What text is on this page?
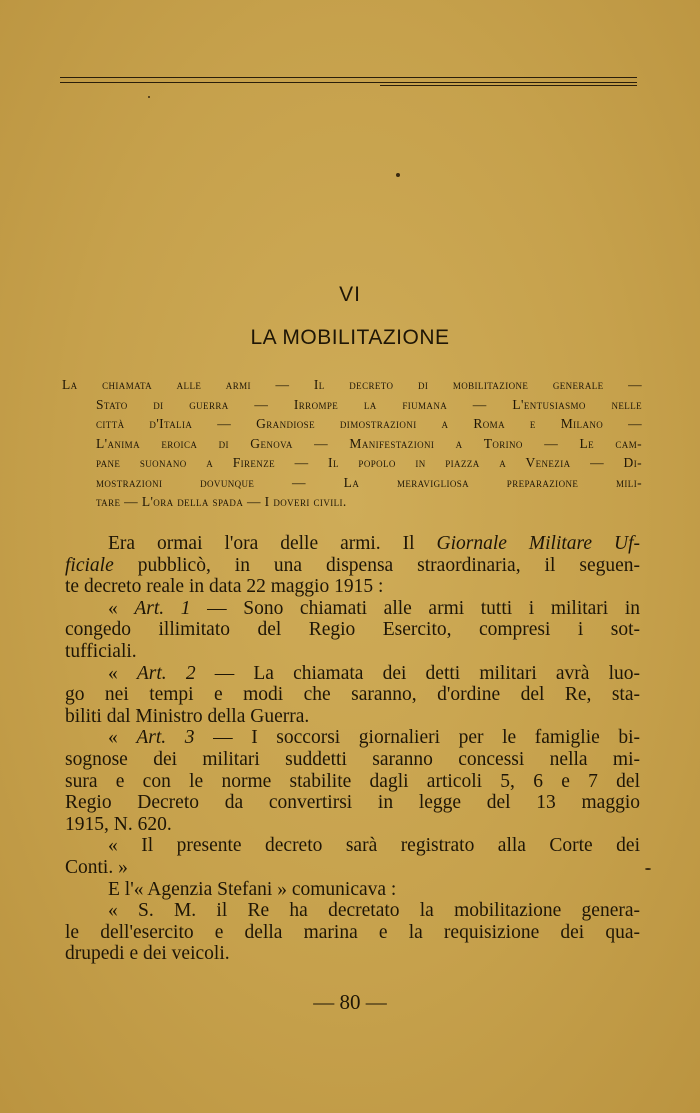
VI
LA MOBILITAZIONE
La chiamata alle armi — Il decreto di mobilitazione generale —
Stato di guerra — Irrompe la fiumana — L'entusiasmo nelle
città d'Italia — Grandiose dimostrazioni a Roma e Milano —
L'anima eroica di Genova — Manifestazioni a Torino — Le cam-
pane suonano a Firenze — Il popolo in piazza a Venezia — Di-
mostrazioni dovunque — La meravigliosa preparazione mili-
tare — L'ora della spada — I doveri civili.
Era ormai l'ora delle armi. Il Giornale Militare Uf-
ficiale pubblicò, in una dispensa straordinaria, il seguen-
te decreto reale in data 22 maggio 1915 :
« Art. 1 — Sono chiamati alle armi tutti i militari in
congedo illimitato del Regio Esercito, compresi i sot-
tufficiali.
« Art. 2 — La chiamata dei detti militari avrà luo-
go nei tempi e modi che saranno, d'ordine del Re, sta-
biliti dal Ministro della Guerra.
« Art. 3 — I soccorsi giornalieri per le famiglie bi-
sognose dei militari suddetti saranno concessi nella mi-
sura e con le norme stabilite dagli articoli 5, 6 e 7 del
Regio Decreto da convertirsi in legge del 13 maggio
1915, N. 620.
« Il presente decreto sarà registrato alla Corte dei
Conti. »
E l'« Agenzia Stefani » comunicava :
« S. M. il Re ha decretato la mobilitazione genera-
le dell'esercito e della marina e la requisizione dei qua-
drupedi e dei veicoli.
— 80 —
